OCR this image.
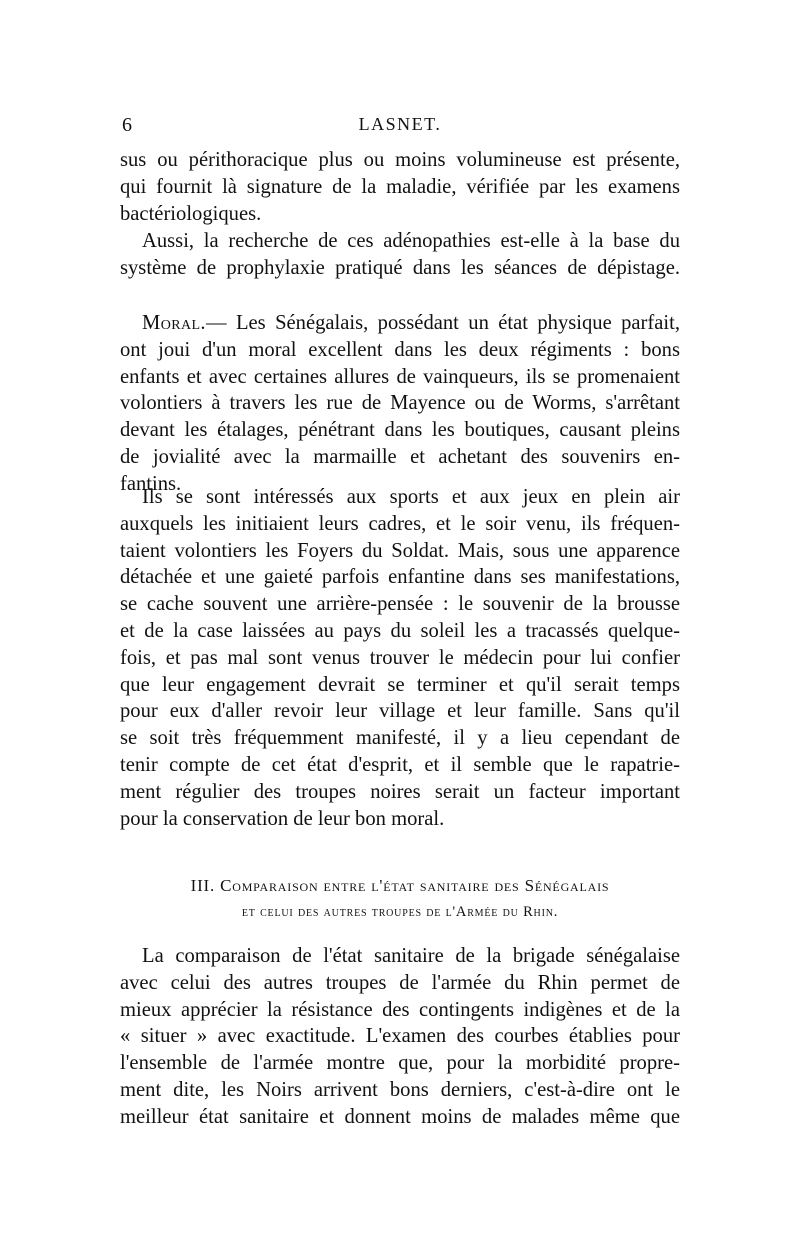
6	LASNET.
sus ou périthoracique plus ou moins volumineuse est présente,
qui fournit là signature de la maladie, vérifiée par les examens
bactériologiques.
Aussi, la recherche de ces adénopathies est-elle à la base du
système de prophylaxie pratiqué dans les séances de dépistage.
Moral.— Les Sénégalais, possédant un état physique parfait,
ont joui d'un moral excellent dans les deux régiments : bons
enfants et avec certaines allures de vainqueurs, ils se promenaient
volontiers à travers les rue de Mayence ou de Worms, s'arrêtant
devant les étalages, pénétrant dans les boutiques, causant pleins
de jovialité avec la marmaille et achetant des souvenirs en-
fantins.
Ils se sont intéressés aux sports et aux jeux en plein air
auxquels les initiaient leurs cadres, et le soir venu, ils fréquen-
taient volontiers les Foyers du Soldat. Mais, sous une apparence
détachée et une gaieté parfois enfantine dans ses manifestations,
se cache souvent une arrière-pensée : le souvenir de la brousse
et de la case laissées au pays du soleil les a tracassés quelque-
fois, et pas mal sont venus trouver le médecin pour lui confier
que leur engagement devrait se terminer et qu'il serait temps
pour eux d'aller revoir leur village et leur famille. Sans qu'il
se soit très fréquemment manifesté, il y a lieu cependant de
tenir compte de cet état d'esprit, et il semble que le rapatrie-
ment régulier des troupes noires serait un facteur important
pour la conservation de leur bon moral.
III. Comparaison entre l'état sanitaire des Sénégalais
et celui des autres troupes de l'Armée du Rhin.
La comparaison de l'état sanitaire de la brigade sénégalaise
avec celui des autres troupes de l'armée du Rhin permet de
mieux apprécier la résistance des contingents indigènes et de la
« situer » avec exactitude. L'examen des courbes établies pour
l'ensemble de l'armée montre que, pour la morbidité propre-
ment dite, les Noirs arrivent bons derniers, c'est-à-dire ont le
meilleur état sanitaire et donnent moins de malades même que
